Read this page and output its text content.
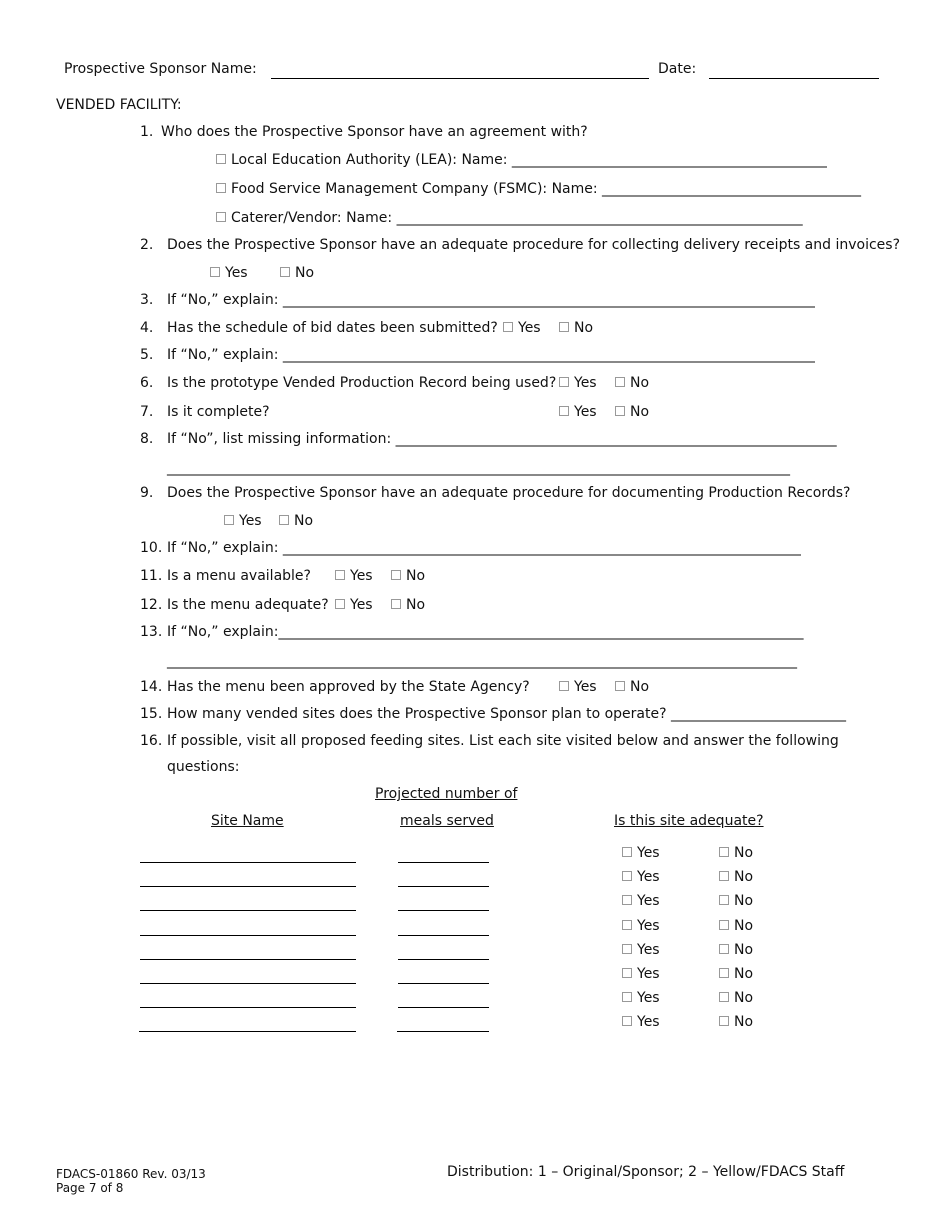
Prospective Sponsor Name:	Date:
VENDED FACILITY:
1. Who does the Prospective Sponsor have an agreement with?
Local Education Authority (LEA): Name: _____________________________________________
Food Service Management Company (FSMC): Name: _____________________________________
Caterer/Vendor: Name: __________________________________________________________
2. Does the Prospective Sponsor have an adequate procedure for collecting delivery receipts and invoices?
Yes	No
3. If “No,” explain: ____________________________________________________________________________
4. Has the schedule of bid dates been submitted?	Yes	No
5. If “No,” explain: ____________________________________________________________________________
6. Is the prototype Vended Production Record being used?	Yes	No
7. Is it complete?	Yes	No
8. If “No”, list missing information: _______________________________________________________________
_________________________________________________________________________________________
9. Does the Prospective Sponsor have an adequate procedure for documenting Production Records?
Yes	No
10. If “No,” explain: __________________________________________________________________________
11. Is a menu available?	Yes	No
12. Is the menu adequate?	Yes	No
13. If “No,” explain:___________________________________________________________________________
__________________________________________________________________________________________
14. Has the menu been approved by the State Agency?	Yes	No
15. How many vended sites does the Prospective Sponsor plan to operate? _________________________
16. If possible, visit all proposed feeding sites. List each site visited below and answer the following
questions:
Projected number of
Site Name	meals served	Is this site adequate?
Yes	No
Yes	No
Yes	No
Yes	No
Yes	No
Yes	No
Yes	No
Yes	No
FDACS-01860 Rev. 03/13
Page 7 of 8
Distribution: 1 – Original/Sponsor; 2 – Yellow/FDACS Staff
